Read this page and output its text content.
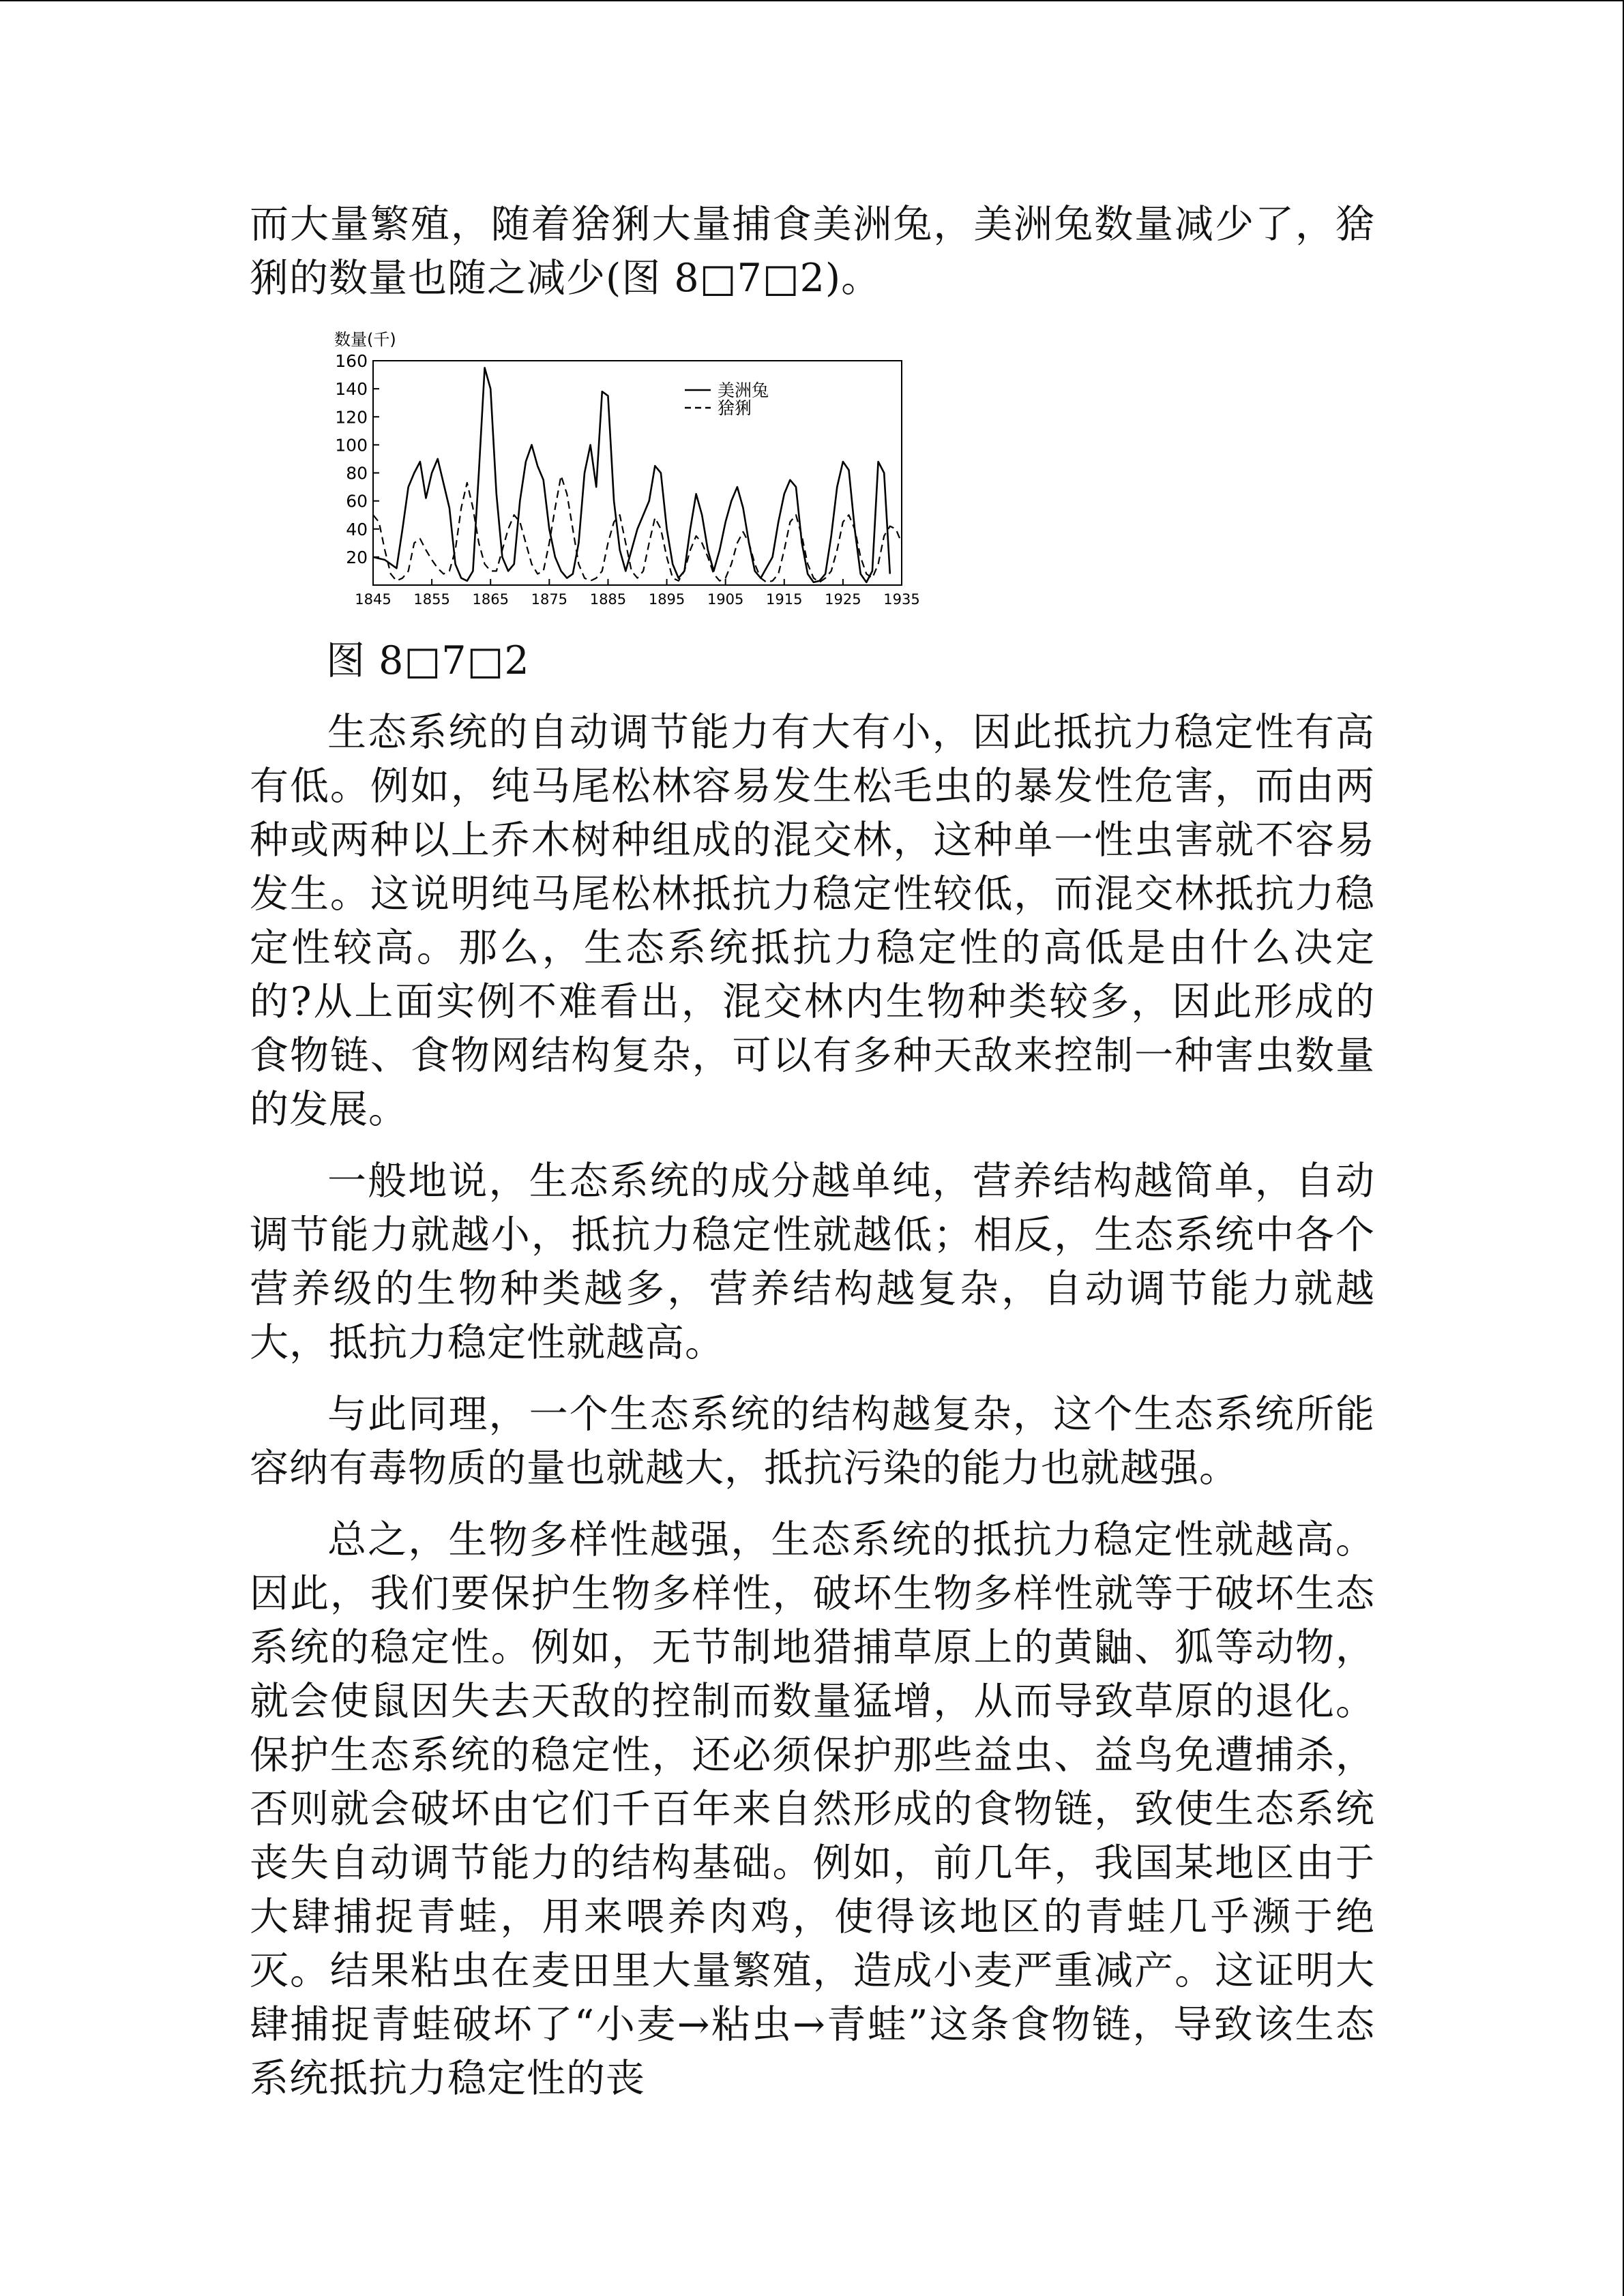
而大量繁殖，随着猞猁大量捕食美洲兔，美洲兔数量减少了，猞猁的数量也随之减少(图 8□7□2)。

数量(千)
20
40
60
80
100
120
140
160
1845 1855 1865 1875 1885 1895 1905 1915 1925 1935
美洲兔
猞猁

图 8□7□2

生态系统的自动调节能力有大有小，因此抵抗力稳定性有高有低。例如，纯马尾松林容易发生松毛虫的暴发性危害，而由两种或两种以上乔木树种组成的混交林，这种单一性虫害就不容易发生。这说明纯马尾松林抵抗力稳定性较低，而混交林抵抗力稳定性较高。那么，生态系统抵抗力稳定性的高低是由什么决定的?从上面实例不难看出，混交林内生物种类较多，因此形成的食物链、食物网结构复杂，可以有多种天敌来控制一种害虫数量的发展。

一般地说，生态系统的成分越单纯，营养结构越简单，自动调节能力就越小，抵抗力稳定性就越低；相反，生态系统中各个营养级的生物种类越多，营养结构越复杂，自动调节能力就越大，抵抗力稳定性就越高。

与此同理，一个生态系统的结构越复杂，这个生态系统所能容纳有毒物质的量也就越大，抵抗污染的能力也就越强。

总之，生物多样性越强，生态系统的抵抗力稳定性就越高。因此，我们要保护生物多样性，破坏生物多样性就等于破坏生态系统的稳定性。例如，无节制地猎捕草原上的黄鼬、狐等动物，就会使鼠因失去天敌的控制而数量猛增，从而导致草原的退化。保护生态系统的稳定性，还必须保护那些益虫、益鸟免遭捕杀，否则就会破坏由它们千百年来自然形成的食物链，致使生态系统丧失自动调节能力的结构基础。例如，前几年，我国某地区由于大肆捕捉青蛙，用来喂养肉鸡，使得该地区的青蛙几乎濒于绝灭。结果粘虫在麦田里大量繁殖，造成小麦严重减产。这证明大肆捕捉青蛙破坏了“小麦→粘虫→青蛙”这条食物链，导致该生态系统抵抗力稳定性的丧
